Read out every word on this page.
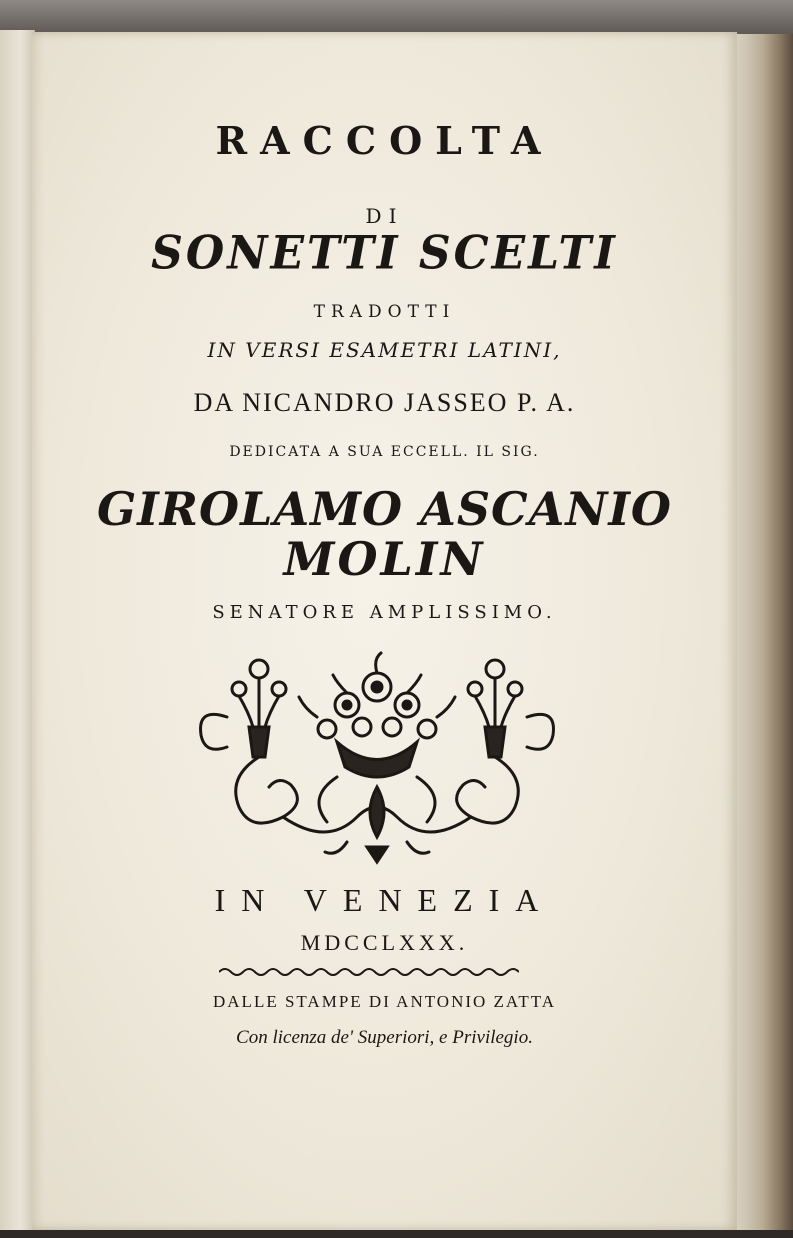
RACCOLTA
DI
SONETTI SCELTI
TRADOTTI
IN VERSI ESAMETRI LATINI,
DA NICANDRO JASSEO P. A.
DEDICATA A SUA ECCELL. IL SIG.
GIROLAMO ASCANIO
MOLIN
SENATORE AMPLISSIMO.
IN VENEZIA
MDCCLXXX.
DALLE STAMPE DI ANTONIO ZATTA
Con licenza de' Superiori, e Privilegio.
